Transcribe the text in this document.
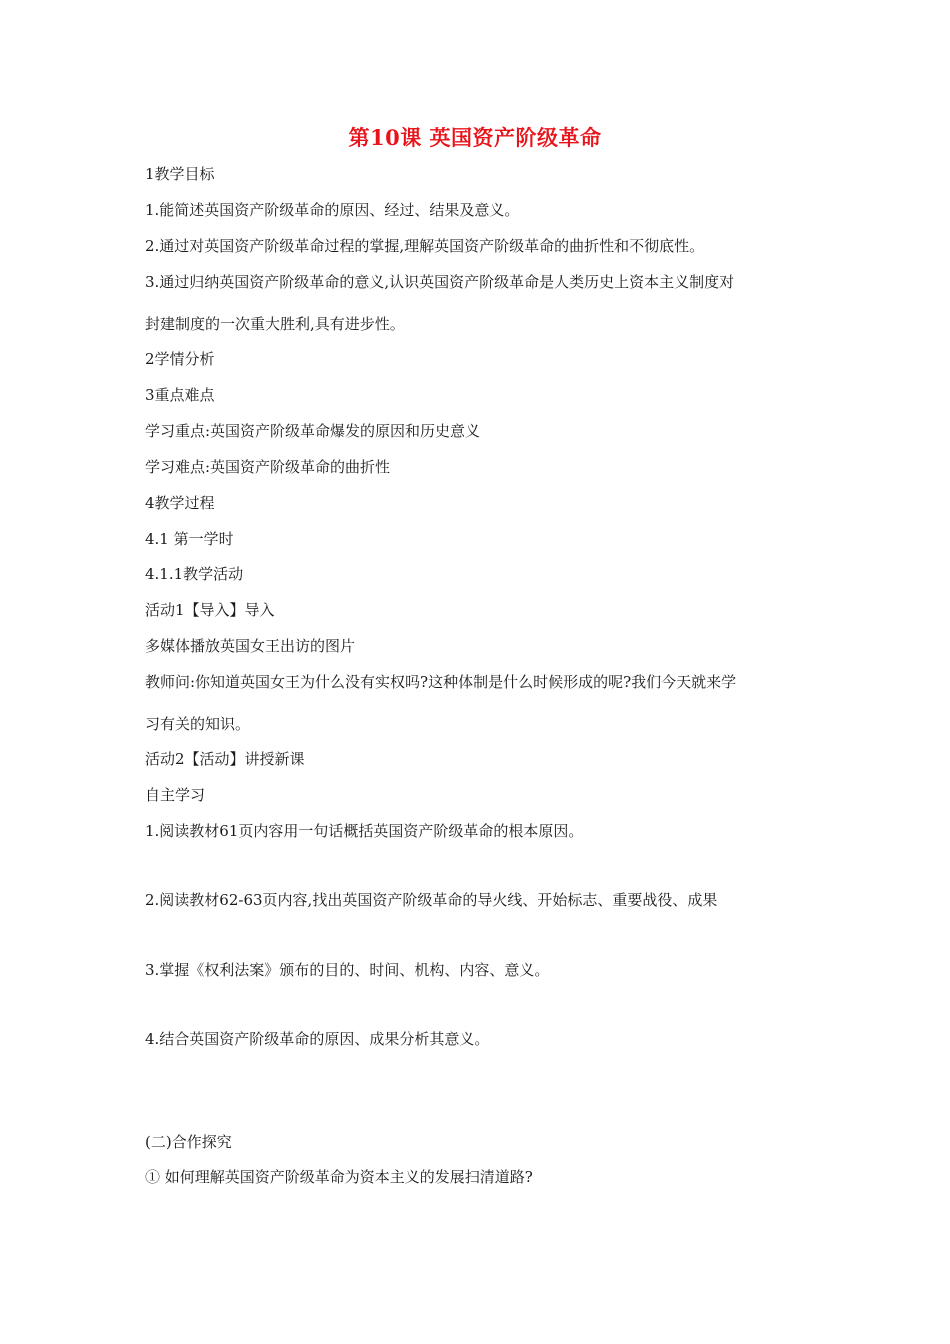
第10课 英国资产阶级革命
1教学目标
1.能简述英国资产阶级革命的原因、经过、结果及意义。
2.通过对英国资产阶级革命过程的掌握,理解英国资产阶级革命的曲折性和不彻底性。
3.通过归纳英国资产阶级革命的意义,认识英国资产阶级革命是人类历史上资本主义制度对
封建制度的一次重大胜利,具有进步性。
2学情分析
3重点难点
学习重点:英国资产阶级革命爆发的原因和历史意义
学习难点:英国资产阶级革命的曲折性
4教学过程
4.1 第一学时
4.1.1教学活动
活动1【导入】导入
多媒体播放英国女王出访的图片
教师问:你知道英国女王为什么没有实权吗?这种体制是什么时候形成的呢?我们今天就来学
习有关的知识。
活动2【活动】讲授新课
自主学习
1.阅读教材61页内容用一句话概括英国资产阶级革命的根本原因。
2.阅读教材62-63页内容,找出英国资产阶级革命的导火线、开始标志、重要战役、成果
3.掌握《权利法案》颁布的目的、时间、机构、内容、意义。
4.结合英国资产阶级革命的原因、成果分析其意义。
(二)合作探究
① 如何理解英国资产阶级革命为资本主义的发展扫清道路?
